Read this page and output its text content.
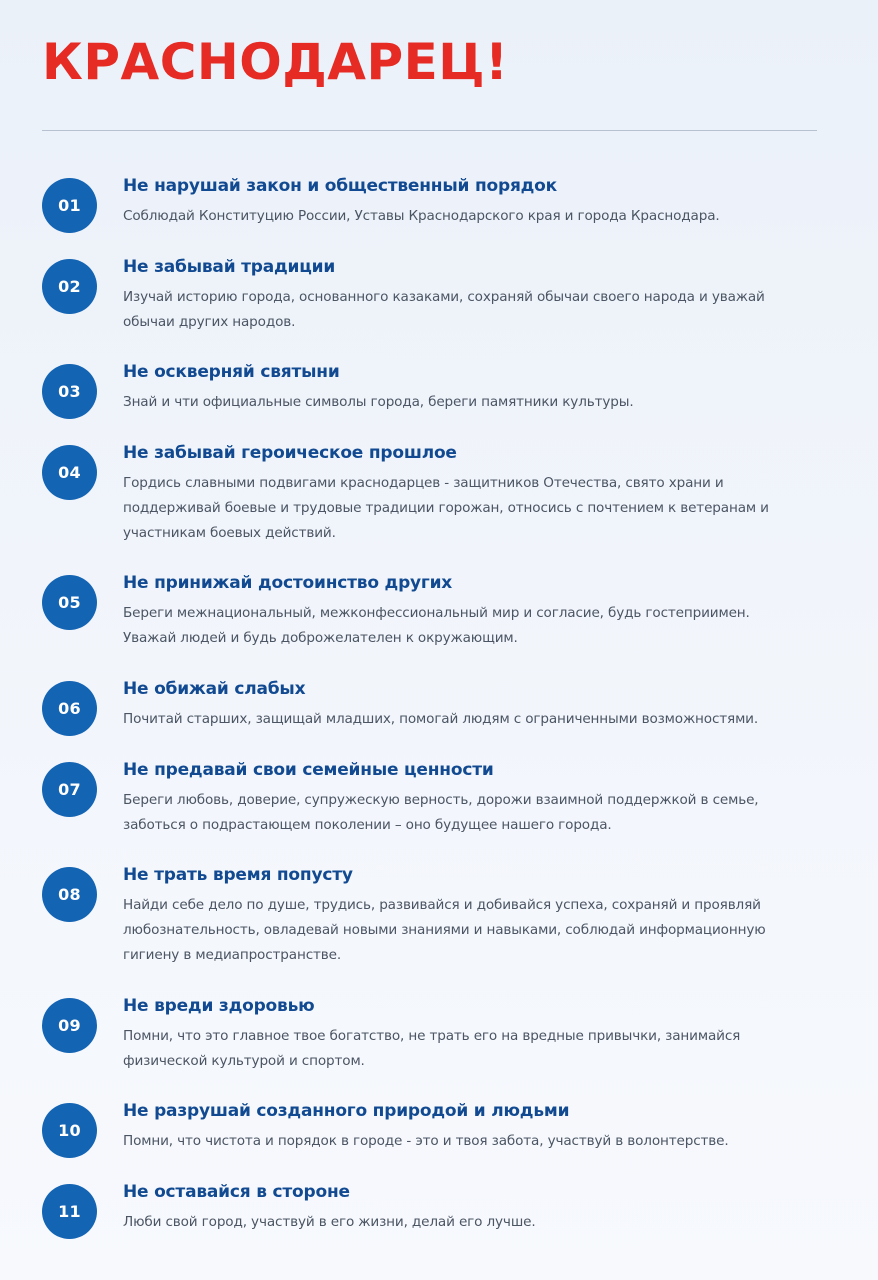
КРАСНОДАРЕЦ!
01
Не нарушай закон и общественный порядок

Соблюдай Конституцию России, Уставы Краснодарского края и города Краснодара.

02
Не забывай традиции

Изучай историю города, основанного казаками, сохраняй обычаи своего народа и уважай
обычаи других народов.

03
Не оскверняй святыни

Знай и чти официальные символы города, береги памятники культуры.

04
Не забывай героическое прошлое

Гордись славными подвигами краснодарцев - защитников Отечества, свято храни и
поддерживай боевые и трудовые традиции горожан, относись с почтением к ветеранам и
участникам боевых действий.

05
Не принижай достоинство других

Береги межнациональный, межконфессиональный мир и согласие, будь гостеприимен.
Уважай людей и будь доброжелателен к окружающим.

06
Не обижай слабых

Почитай старших, защищай младших, помогай людям с ограниченными возможностями.

07
Не предавай свои семейные ценности

Береги любовь, доверие, супружескую верность, дорожи взаимной поддержкой в семье,
заботься о подрастающем поколении – оно будущее нашего города.

08
Не трать время попусту

Найди себе дело по душе, трудись, развивайся и добивайся успеха, сохраняй и проявляй
любознательность, овладевай новыми знаниями и навыками, соблюдай информационную
гигиену в медиапространстве.

09
Не вреди здоровью

Помни, что это главное твое богатство, не трать его на вредные привычки, занимайся
физической культурой и спортом.

10
Не разрушай созданного природой и людьми

Помни, что чистота и порядок в городе - это и твоя забота, участвуй в волонтерстве.

11
Не оставайся в стороне

Люби свой город, участвуй в его жизни, делай его лучше.
